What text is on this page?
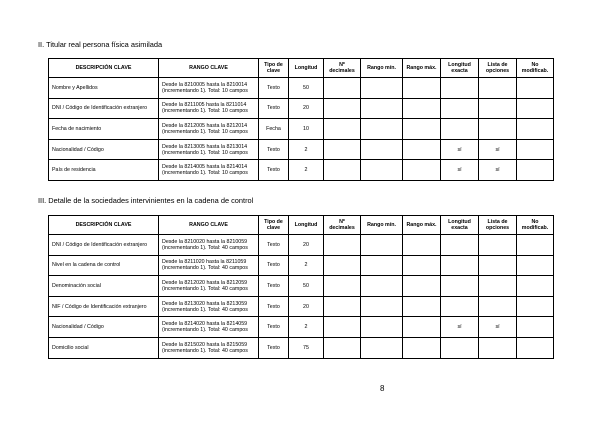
II. Titular real persona física asimilada
DESCRIPCIÓN CLAVE	RANGO CLAVE	Tipo de clave	Longitud	Nº decimales	Rango mín.	Rango máx.	Longitud exacta	Lista de opciones	No modificab.
Nombre y Apellidos	Desde la 8210005 hasta la 8210014 (incrementando 1). Total: 10 campos	Texto	50						
DNI / Código de Identificación extranjero	Desde la 8211005 hasta la 8211014 (incrementando 1). Total: 10 campos	Texto	20						
Fecha de nacimiento	Desde la 8212005 hasta la 8212014 (incrementando 1). Total: 10 campos	Fecha	10						
Nacionalidad / Código	Desde la 8213005 hasta la 8213014 (incrementando 1). Total: 10 campos	Texto	2				sí	sí	
País de residencia	Desde la 8214005 hasta la 8214014 (incrementando 1). Total: 10 campos	Texto	2				sí	sí	
III. Detalle de la sociedades intervinientes en la cadena de control
DESCRIPCIÓN CLAVE	RANGO CLAVE	Tipo de clave	Longitud	Nº decimales	Rango mín.	Rango máx.	Longitud exacta	Lista de opciones	No modificab.
DNI / Código de Identificación extranjero	Desde la 8210020 hasta la 8210059 (incrementando 1). Total: 40 campos	Texto	20						
Nivel en la cadena de control	Desde la 8211020 hasta la 8211059 (incrementando 1). Total: 40 campos	Texto	2						
Denominación social	Desde la 8212020 hasta la 8212059 (incrementando 1). Total: 40 campos	Texto	50						
NIF / Código de Identificación extranjero	Desde la 8213020 hasta la 8213059 (incrementando 1). Total: 40 campos	Texto	20						
Nacionalidad / Código	Desde la 8214020 hasta la 8214059 (incrementando 1). Total: 40 campos	Texto	2				sí	sí	
Domicilio social	Desde la 8215020 hasta la 8215059 (incrementando 1). Total: 40 campos	Texto	75						
8
